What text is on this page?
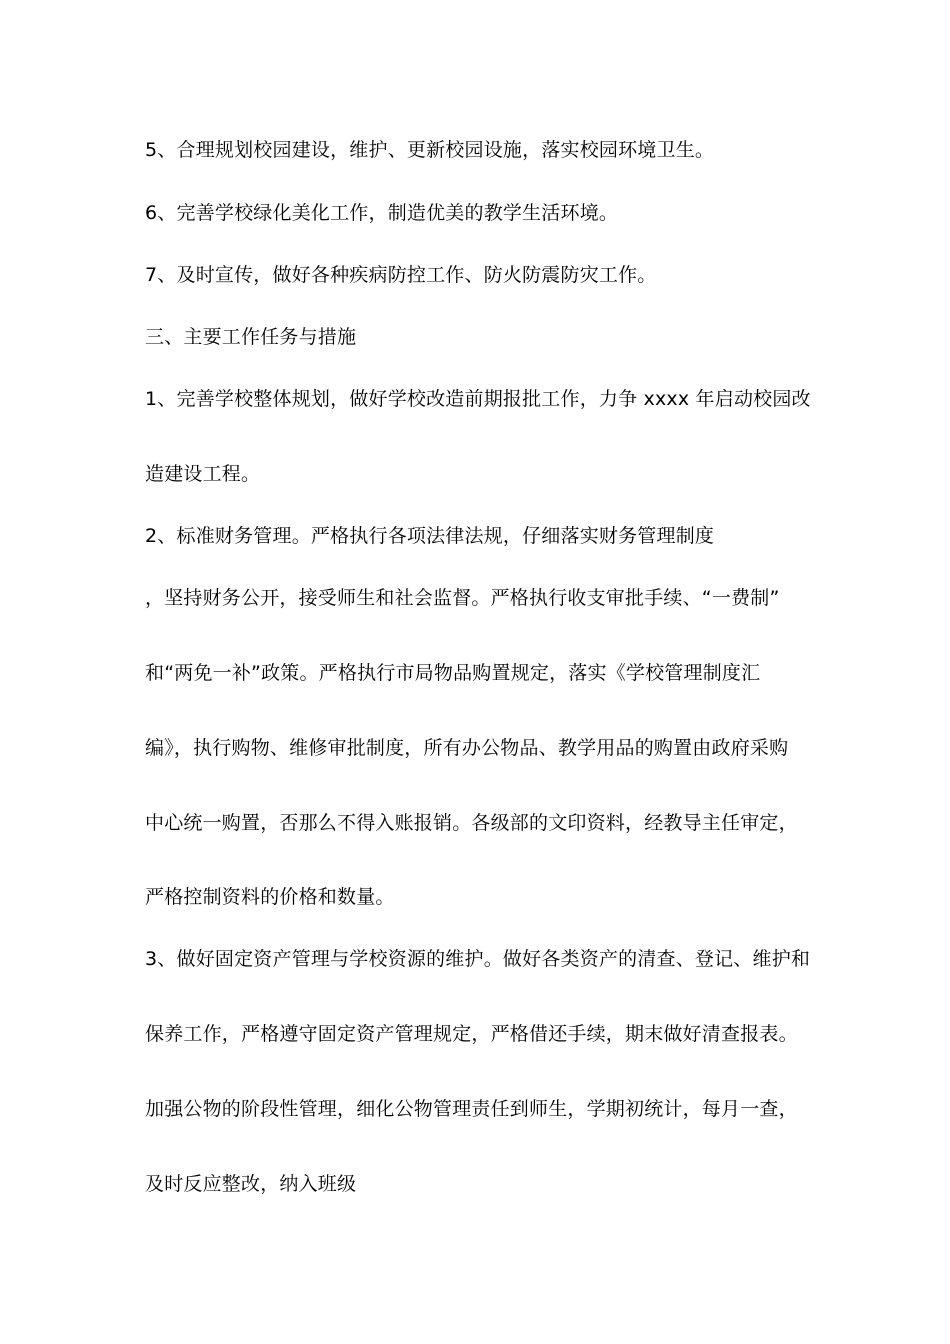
5、合理规划校园建设，维护、更新校园设施，落实校园环境卫生。
6、完善学校绿化美化工作，制造优美的教学生活环境。
7、及时宣传，做好各种疾病防控工作、防火防震防灾工作。
三、主要工作任务与措施
1、完善学校整体规划，做好学校改造前期报批工作，力争 xxxx 年启动校园改
造建设工程。
2、标准财务管理。严格执行各项法律法规，仔细落实财务管理制度
，坚持财务公开，接受师生和社会监督。严格执行收支审批手续、“一费制”
和“两免一补”政策。严格执行市局物品购置规定，落实《学校管理制度汇
编》，执行购物、维修审批制度，所有办公物品、教学用品的购置由政府采购
中心统一购置，否那么不得入账报销。各级部的文印资料，经教导主任审定，
严格控制资料的价格和数量。
3、做好固定资产管理与学校资源的维护。做好各类资产的清查、登记、维护和
保养工作，严格遵守固定资产管理规定，严格借还手续，期末做好清查报表。
加强公物的阶段性管理，细化公物管理责任到师生，学期初统计，每月一查，
及时反应整改，纳入班级
